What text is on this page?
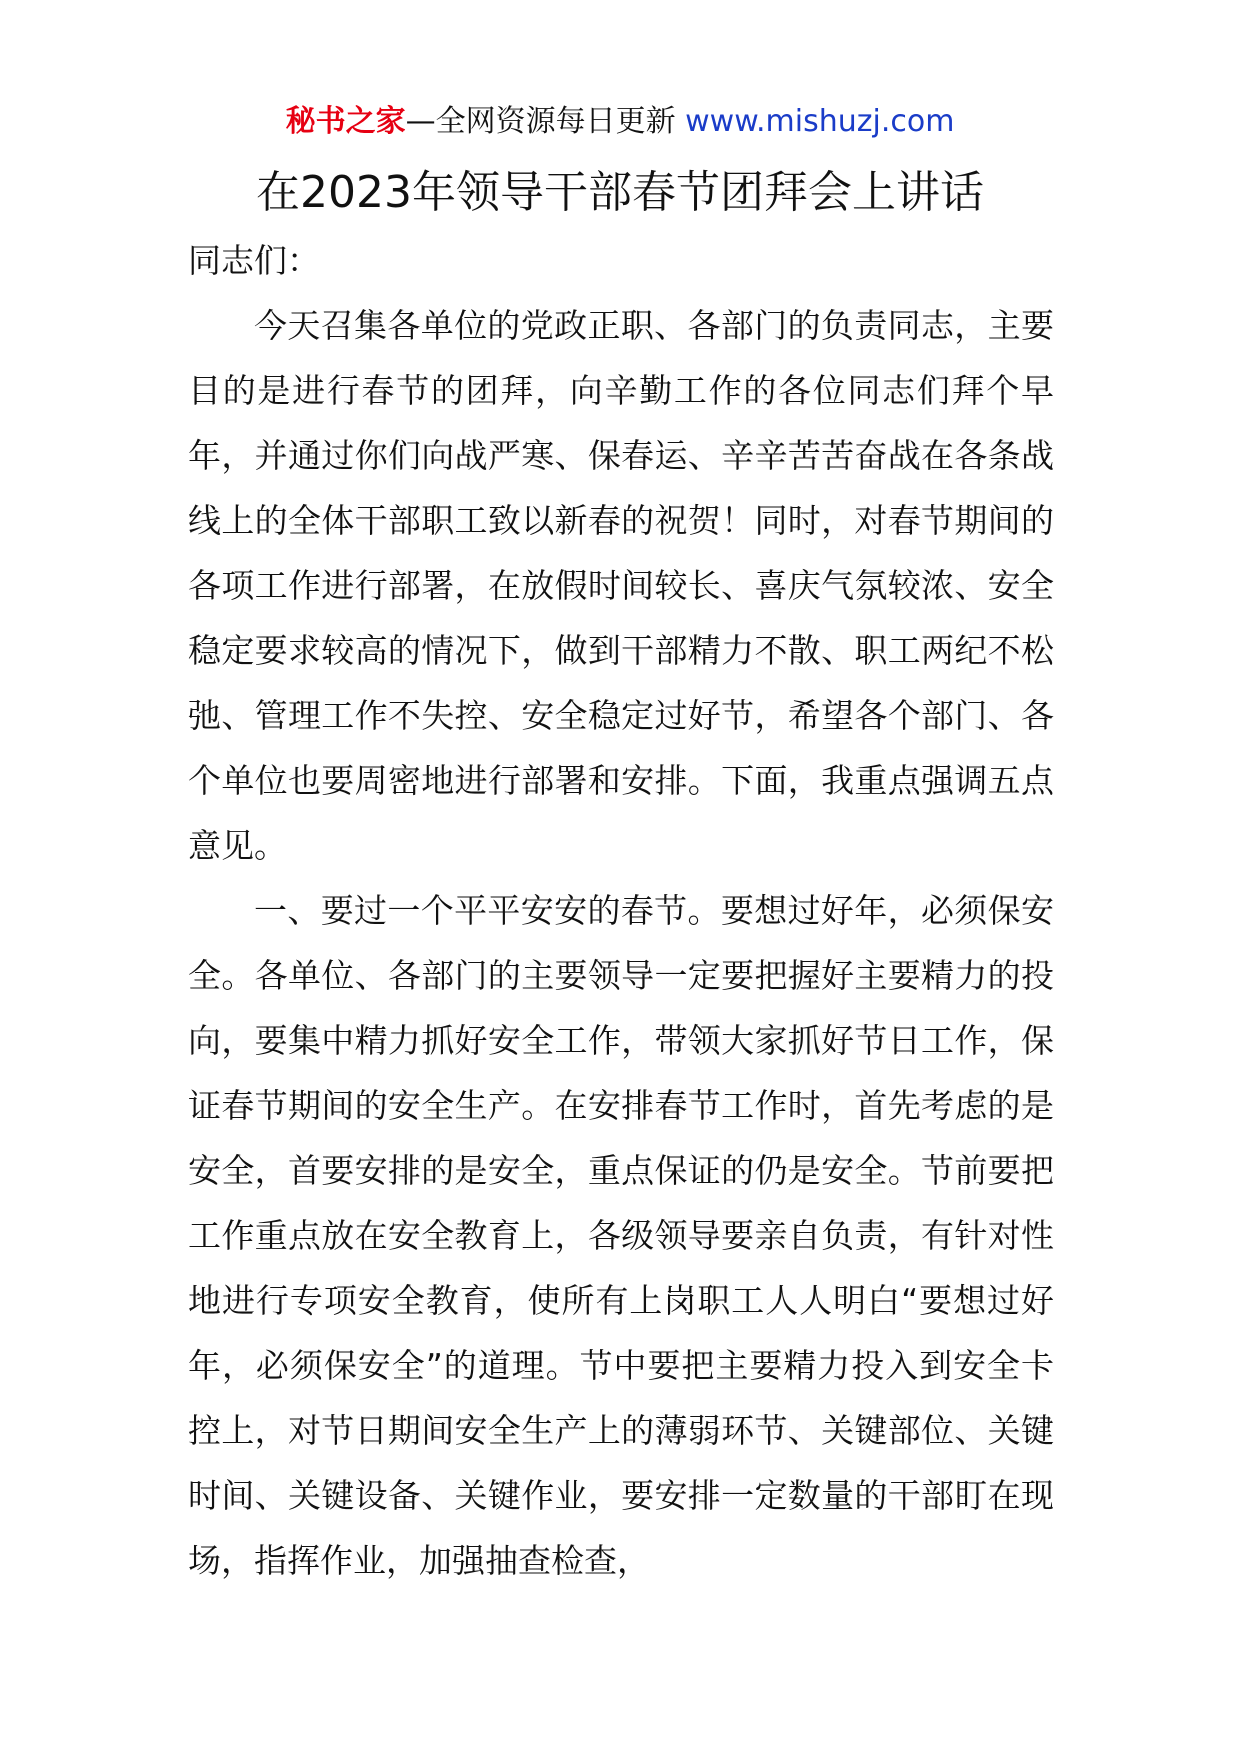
秘书之家—全网资源每日更新 www.mishuzj.com
在2023年领导干部春节团拜会上讲话

同志们：

今天召集各单位的党政正职、各部门的负责同志，主要目的是进行春节的团拜，向辛勤工作的各位同志们拜个早年，并通过你们向战严寒、保春运、辛辛苦苦奋战在各条战线上的全体干部职工致以新春的祝贺！同时，对春节期间的各项工作进行部署，在放假时间较长、喜庆气氛较浓、安全稳定要求较高的情况下，做到干部精力不散、职工两纪不松弛、管理工作不失控、安全稳定过好节，希望各个部门、各个单位也要周密地进行部署和安排。下面，我重点强调五点意见。

一、要过一个平平安安的春节。要想过好年，必须保安全。各单位、各部门的主要领导一定要把握好主要精力的投向，要集中精力抓好安全工作，带领大家抓好节日工作，保证春节期间的安全生产。在安排春节工作时，首先考虑的是安全，首要安排的是安全，重点保证的仍是安全。节前要把工作重点放在安全教育上，各级领导要亲自负责，有针对性地进行专项安全教育，使所有上岗职工人人明白“要想过好年，必须保安全”的道理。节中要把主要精力投入到安全卡控上，对节日期间安全生产上的薄弱环节、关键部位、关键时间、关键设备、关键作业，要安排一定数量的干部盯在现场，指挥作业，加强抽查检查，
